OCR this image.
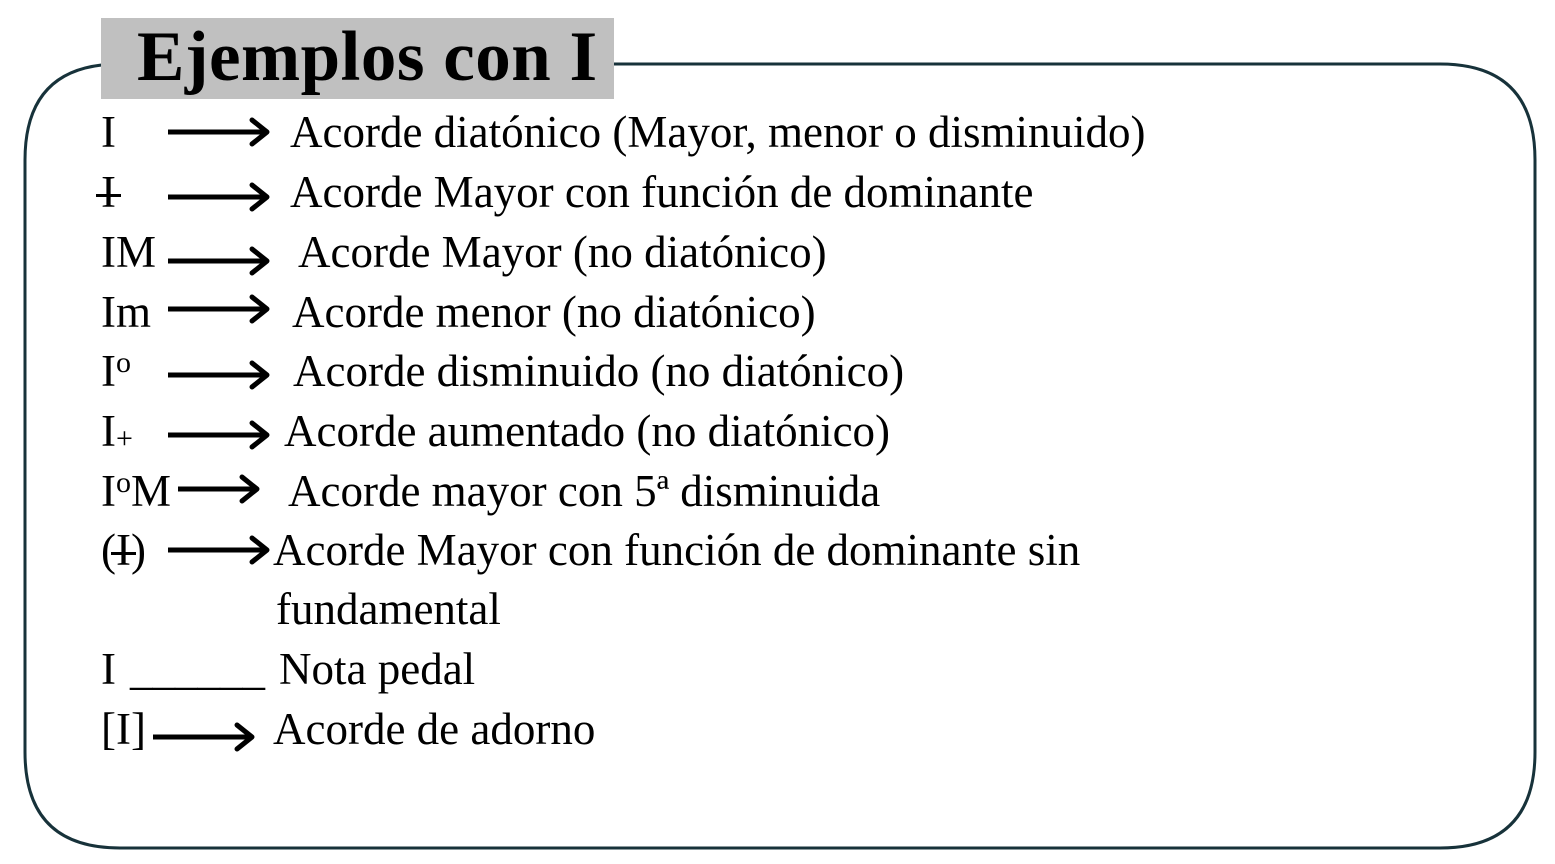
Ejemplos con I
I	Acorde diatónico (Mayor, menor o disminuido)
I	Acorde Mayor con función de dominante
IM	Acorde Mayor (no diatónico)
Im	Acorde menor (no diatónico)
$I^o$	Acorde disminuido (no diatónico)
I+	Acorde aumentado (no diatónico)
$I^oM$	Acorde mayor con 5ª disminuida
(I)	Acorde Mayor con función de dominante sin
fundamental
I ______ Nota pedal
[I]	Acorde de adorno
